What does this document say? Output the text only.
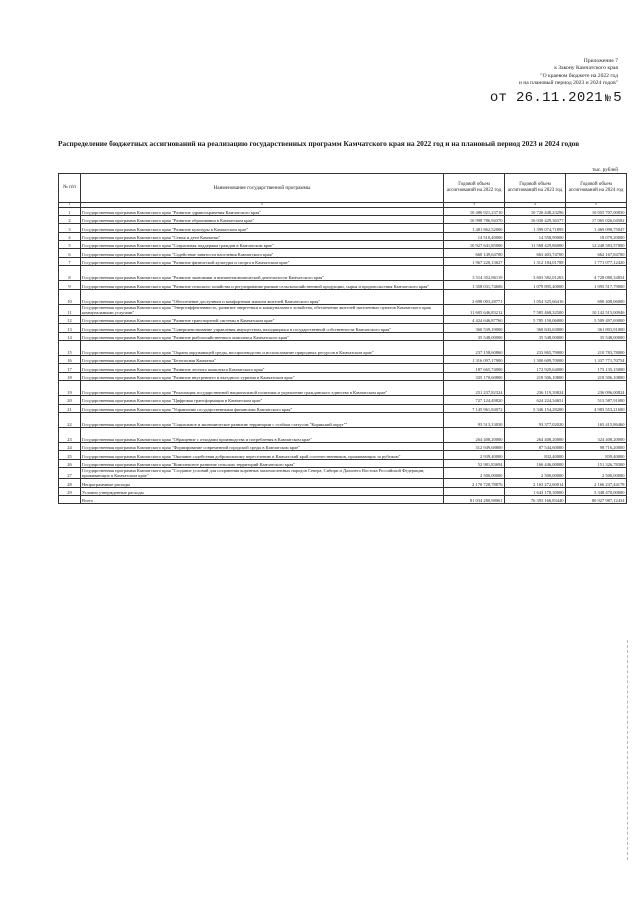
Приложение 7
к Закону Камчатского края
"О краевом бюджете на 2022 год
и на плановый период 2023 и 2024 годов"
от 26.11.2021 № 5
Распределение бюджетных ассигнований на реализацию государственных программ Камчатского края на 2022 год и на плановый период 2023 и 2024 годов
тыс. рублей
№ п/п	Наименование государственной программы	Годовой объем ассигнований на 2022 год	Годовой объем ассигнований на 2023 год	Годовой объем ассигнований на 2024 год
1	2	3	4	5
1	Государственная программа Камчатского края "Развитие здравоохранения Камчатского края"	10 486 921,23710	10 726 448,23296	10 055 707,00830
2	Государственная программа Камчатского края "Развитие образования в Камчатском крае"	16 998 786,94370	16 030 429,36377	17 065 026,04582
3	Государственная программа Камчатского края "Развитие культуры в Камчатском крае"	1 481 862,52000	1 399 074,71895	1 469 098,75047
4	Государственная программа Камчатского края "Семья и дети Камчатки"	14 510,40000	14 558,90000	18 079,20000
5	Государственная программа Камчатского края "Социальная поддержка граждан в Камчатском крае"	10 927 641,85000	11 568 429,86000	12 248 583,57000
6	Государственная программа Камчатского края "Содействие занятости населения Камчатского края"	660 149,64700	663 403,74700	662 167,84700
7	Государственная программа Камчатского края "Развитие физической культуры и спорта в Камчатском крае"	1 967 220,13627	1 312 184,01788	1 771 077,12420
8	Государственная программа Камчатского края "Развитие экономики и внешнеэкономической деятельности Камчатского края"	3 514 352,86119	3 603 382,01263	4 728 080,34854
9	Государственная программа Камчатского края "Развитие сельского хозяйства и регулирование рынков сельскохозяйственной продукции, сырья и продовольствия Камчатского края"	1 358 031,74606	1 079 895,40000	1 095 517,79000
10	Государственная программа Камчатского края "Обеспечение доступным и комфортным жильем жителей Камчатского края"	2 698 003,28771	1 054 325,66416	690 408,06000
11	Государственная программа Камчатского края "Энергоэффективность, развитие энергетики и коммунального хозяйства, обеспечение жителей населенных пунктов Камчатского края коммунальными услугами"	11 605 646,83212	7 585 468,32500	10 142 515,00946
12	Государственная программа Камчатского края "Развитие транспортной системы в Камчатском крае"	4 424 646,87760	5 785 150,06000	5 509 497,69000
13	Государственная программа Камчатского края "Совершенствование управления имуществом, находящимся в государственной собственности Камчатского края"	360 539,19000	360 843,63000	361 803,91000
14	Государственная программа Камчатского края "Развитие рыбохозяйственного комплекса Камчатского края"	35 548,00000	35 548,00000	35 548,00000
15	Государственная программа Камчатского края "Охрана окружающей среды, воспроизводство и использование природных ресурсов в Камчатском крае"	237 158,60860	233 865,79000	210 783,78000
16	Государственная программа Камчатского края "Безопасная Камчатка"	1 316 097,17900	1 300 609,70000	1 337 771,70754
17	Государственная программа Камчатского края "Развитие лесного комплекса Камчатского края"	187 665,74000	172 929,64000	173 135,15000
18	Государственная программа Камчатского края "Развитие внутреннего и въездного туризма в Камчатском крае"	335 170,60800	218 506,10800	218 506,10800
19	Государственная программа Камчатского края "Реализация государственной национальной политики и укрепление гражданского единства в Камчатском крае"	251 237,82324	236 119,39824	236 096,00824
20	Государственная программа Камчатского края "Цифровая трансформация в Камчатском крае"	727 124,49820	624 224,34651	513 587,91000
21	Государственная программа Камчатского края "Управление государственными финансами Камчатского края"	7 145 961,84072	5 346 154,28200	4 983 553,21600
22	Государственная программа Камчатского края "Социальное и экономическое развитие территории с особым статусом "Корякский округ""	93 513,13030	93 377,02020	165 415,86460
23	Государственная программа Камчатского края "Обращение с отходами производства и потребления в Камчатском крае"	264 408,20000	264 408,20000	324 408,20000
24	Государственная программа Камчатского края "Формирование современной городской среды в Камчатском крае"	312 949,68800	87 544,60000	98 716,20000
25	Государственная программа Камчатского края "Оказание содействия добровольному переселению в Камчатский край соотечественников, проживающих за рубежом"	2 939,40000	832,40000	839,40000
26	Государственная программа Камчатского края "Комплексное развитие сельских территорий Камчатского края"	52 981,83694	166 446,00000	151 326,78300
27	Государственная программа Камчатского края "Создание условий для сохранения коренных малочисленных народов Севера, Сибири и Дальнего Востока Российской Федерации, проживающих в Камчатском крае"	2 500,00000	2 500,00000	2 500,00000
28	Непрограммные расходы	2 170 728,78876	2 163 272,60014	2 166 237,44178
29	Условно утвержденные расходы		1 643 178,30000	3 348 470,00000
	Всего	81 034 280,98061	76 393 166,83440	80 927 987,12434
